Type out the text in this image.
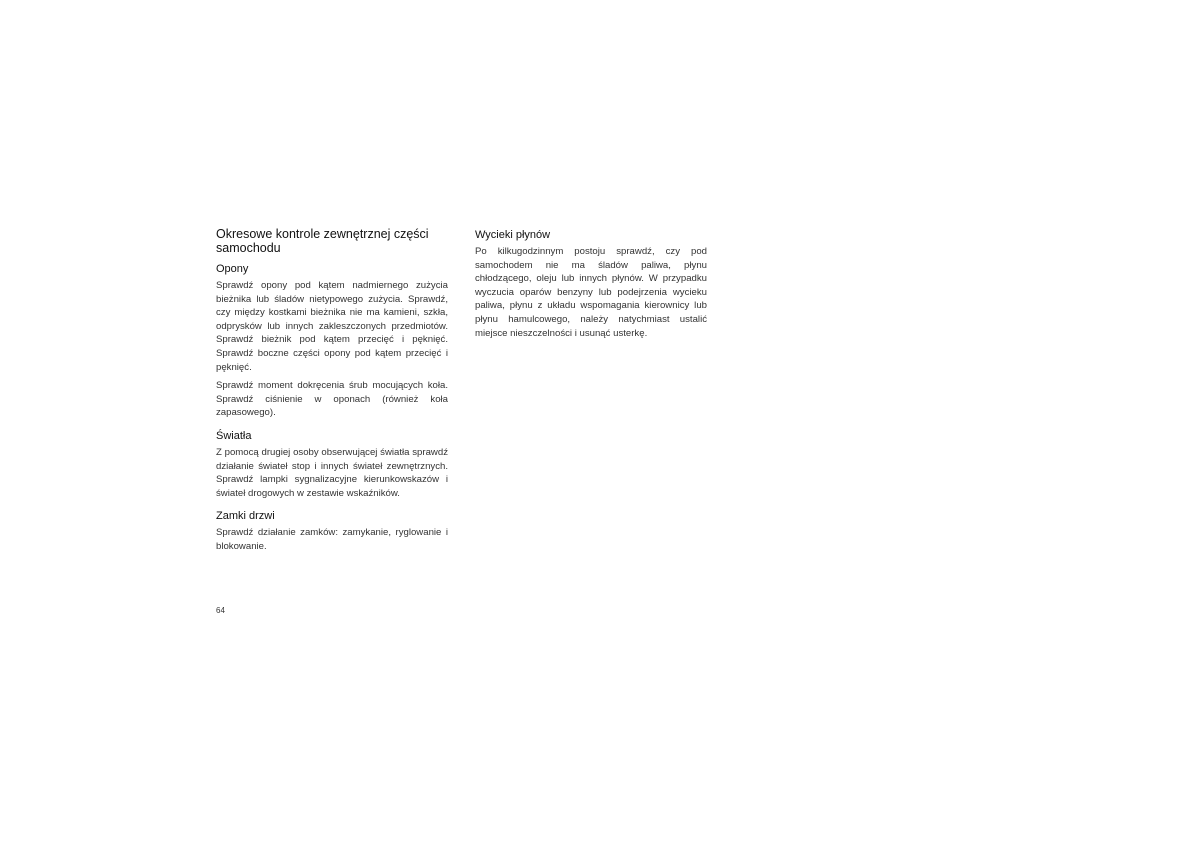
Okresowe kontrole zewnętrznej części samochodu
Opony

Sprawdź opony pod kątem nadmiernego zużycia bieżnika lub śladów nietypowego zużycia. Sprawdź, czy między kostkami bieżnika nie ma kamieni, szkła, odprysków lub innych zakleszczonych przedmiotów. Sprawdź bieżnik pod kątem przecięć i pęknięć. Sprawdź boczne części opony pod kątem przecięć i pęknięć.

Sprawdź moment dokręcenia śrub mocujących koła. Sprawdź ciśnienie w oponach (również koła zapasowego).

Światła

Z pomocą drugiej osoby obserwującej światła sprawdź działanie świateł stop i innych świateł zewnętrznych. Sprawdź lampki sygnalizacyjne kierunkowskazów i świateł drogowych w zestawie wskaźników.

Zamki drzwi

Sprawdź działanie zamków: zamykanie, ryglowanie i blokowanie.

Wycieki płynów

Po kilkugodzinnym postoju sprawdź, czy pod samochodem nie ma śladów paliwa, płynu chłodzącego, oleju lub innych płynów. W przypadku wyczucia oparów benzyny lub podejrzenia wycieku paliwa, płynu z układu wspomagania kierownicy lub płynu hamulcowego, należy natychmiast ustalić miejsce nieszczelności i usunąć usterkę.

64
